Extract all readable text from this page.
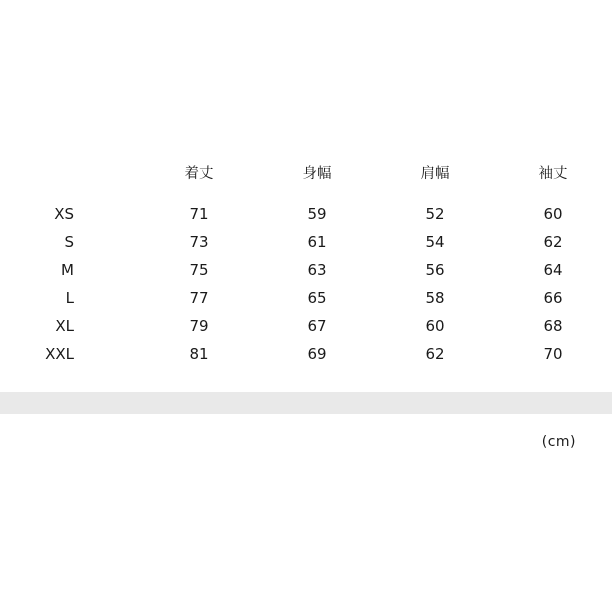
	着丈	身幅	肩幅	袖丈
XS	71	59	52	60
S	73	61	54	62
M	75	63	56	64
L	77	65	58	66
XL	79	67	60	68
XXL	81	69	62	70
(cm)
